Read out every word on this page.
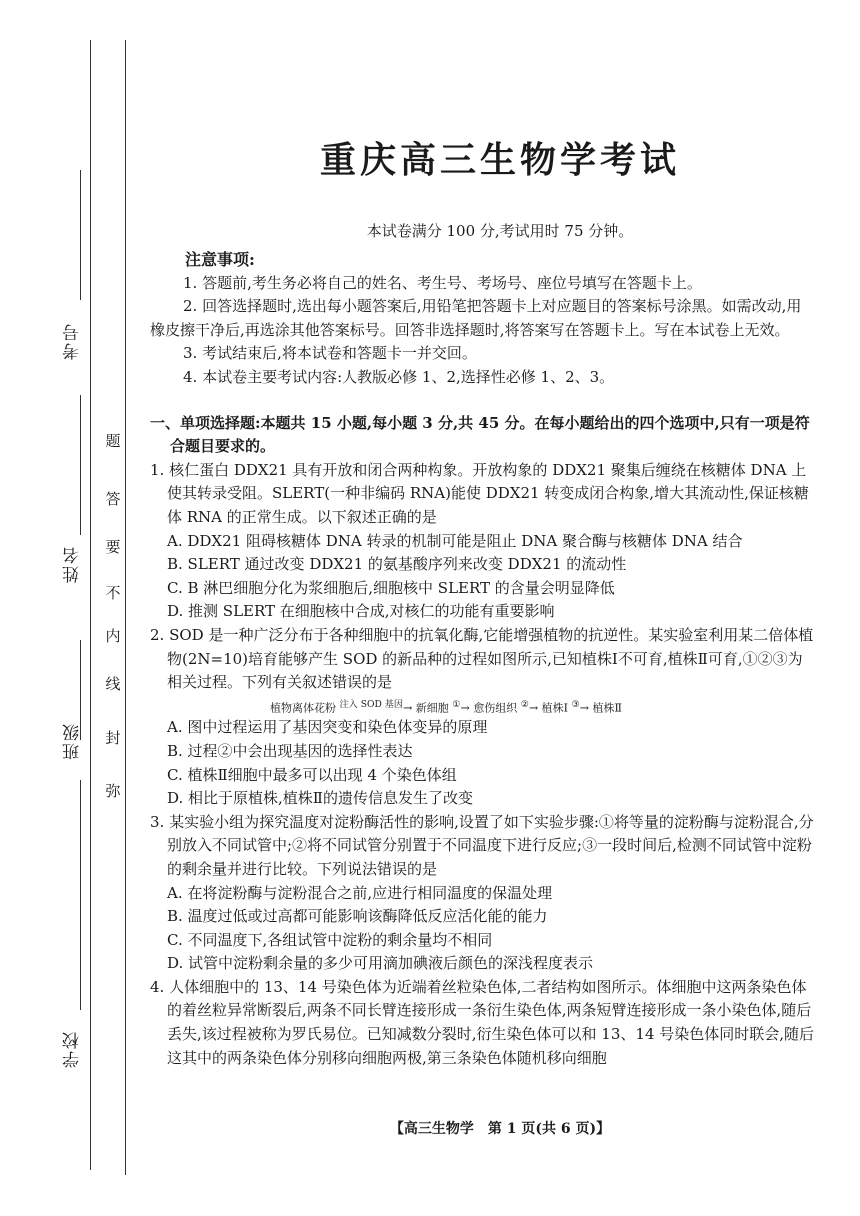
考号
姓名
班级
学校
弥
封
线
内
不
要
答
题
重庆高三生物学考试
本试卷满分 100 分,考试用时 75 分钟。
注意事项:

1. 答题前,考生务必将自己的姓名、考生号、考场号、座位号填写在答题卡上。

2. 回答选择题时,选出每小题答案后,用铅笔把答题卡上对应题目的答案标号涂黑。如需改动,用橡皮擦干净后,再选涂其他答案标号。回答非选择题时,将答案写在答题卡上。写在本试卷上无效。

3. 考试结束后,将本试卷和答题卡一并交回。

4. 本试卷主要考试内容:人教版必修 1、2,选择性必修 1、2、3。

一、单项选择题:本题共 15 小题,每小题 3 分,共 45 分。在每小题给出的四个选项中,只有一项是符合题目要求的。

1. 核仁蛋白 DDX21 具有开放和闭合两种构象。开放构象的 DDX21 聚集后缠绕在核糖体 DNA 上使其转录受阻。SLERT(一种非编码 RNA)能使 DDX21 转变成闭合构象,增大其流动性,保证核糖体 RNA 的正常生成。以下叙述正确的是

A. DDX21 阻碍核糖体 DNA 转录的机制可能是阻止 DNA 聚合酶与核糖体 DNA 结合

B. SLERT 通过改变 DDX21 的氨基酸序列来改变 DDX21 的流动性

C. B 淋巴细胞分化为浆细胞后,细胞核中 SLERT 的含量会明显降低

D. 推测 SLERT 在细胞核中合成,对核仁的功能有重要影响

2. SOD 是一种广泛分布于各种细胞中的抗氧化酶,它能增强植物的抗逆性。某实验室利用某二倍体植物(2N=10)培育能够产生 SOD 的新品种的过程如图所示,已知植株Ⅰ不可育,植株Ⅱ可育,①②③为相关过程。下列有关叙述错误的是

植物离体花粉 $^{注入 SOD 基因}$→ 新细胞 ①→ 愈伤组织 ②→ 植株Ⅰ ③→ 植株Ⅱ

A. 图中过程运用了基因突变和染色体变异的原理

B. 过程②中会出现基因的选择性表达

C. 植株Ⅱ细胞中最多可以出现 4 个染色体组

D. 相比于原植株,植株Ⅱ的遗传信息发生了改变

3. 某实验小组为探究温度对淀粉酶活性的影响,设置了如下实验步骤:①将等量的淀粉酶与淀粉混合,分别放入不同试管中;②将不同试管分别置于不同温度下进行反应;③一段时间后,检测不同试管中淀粉的剩余量并进行比较。下列说法错误的是

A. 在将淀粉酶与淀粉混合之前,应进行相同温度的保温处理

B. 温度过低或过高都可能影响该酶降低反应活化能的能力

C. 不同温度下,各组试管中淀粉的剩余量均不相同

D. 试管中淀粉剩余量的多少可用滴加碘液后颜色的深浅程度表示

4. 人体细胞中的 13、14 号染色体为近端着丝粒染色体,二者结构如图所示。体细胞中这两条染色体的着丝粒异常断裂后,两条不同长臂连接形成一条衍生染色体,两条短臂连接形成一条小染色体,随后丢失,该过程被称为罗氏易位。已知减数分裂时,衍生染色体可以和 13、14 号染色体同时联会,随后这其中的两条染色体分别移向细胞两极,第三条染色体随机移向细胞

【高三生物学　第 1 页(共 6 页)】
